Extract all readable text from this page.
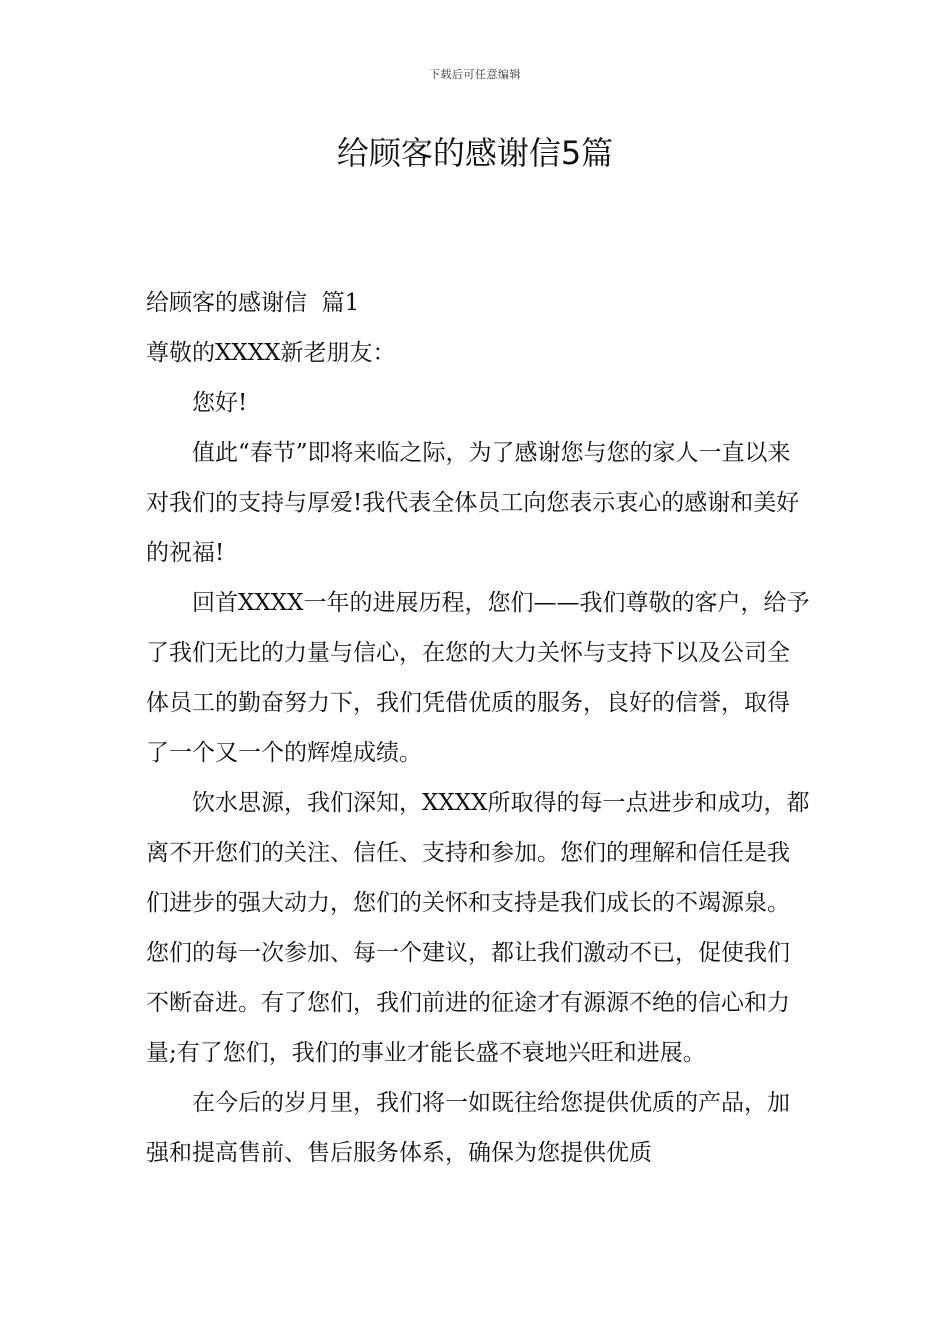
下载后可任意编辑
给顾客的感谢信5篇

给顾客的感谢信  篇1

尊敬的XXXX新老朋友：

您好!

值此“春节”即将来临之际，为了感谢您与您的家人一直以来对我们的支持与厚爱!我代表全体员工向您表示衷心的感谢和美好的祝福!

回首XXXX一年的进展历程，您们——我们尊敬的客户，给予了我们无比的力量与信心，在您的大力关怀与支持下以及公司全体员工的勤奋努力下，我们凭借优质的服务，良好的信誉，取得了一个又一个的辉煌成绩。

饮水思源，我们深知，XXXX所取得的每一点进步和成功，都离不开您们的关注、信任、支持和参加。您们的理解和信任是我们进步的强大动力，您们的关怀和支持是我们成长的不竭源泉。您们的每一次参加、每一个建议，都让我们激动不已，促使我们不断奋进。有了您们，我们前进的征途才有源源不绝的信心和力量;有了您们，我们的事业才能长盛不衰地兴旺和进展。

在今后的岁月里，我们将一如既往给您提供优质的产品，加强和提高售前、售后服务体系，确保为您提供优质
